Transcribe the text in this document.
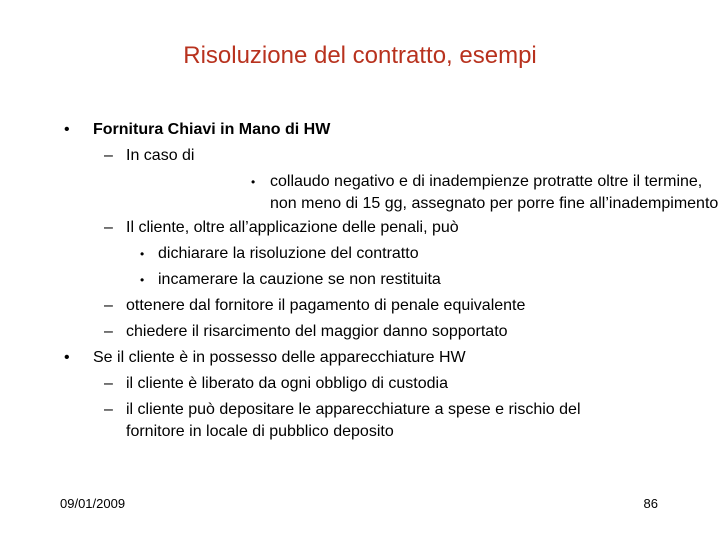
Risoluzione del contratto, esempi
• Fornitura Chiavi in Mano di HW
– In caso di
• collaudo negativo e di inadempienze protratte oltre il termine,
non meno di 15 gg, assegnato per porre fine all’inadempimento
– Il cliente, oltre all’applicazione delle penali, può
• dichiarare la risoluzione del contratto
• incamerare la cauzione se non restituita
– ottenere dal fornitore il pagamento di penale equivalente
– chiedere il risarcimento del maggior danno sopportato
• Se il cliente è in possesso delle apparecchiature HW
– il cliente è liberato da ogni obbligo di custodia
– il cliente può depositare le apparecchiature a spese e rischio del
fornitore in locale di pubblico deposito
09/01/2009	86
